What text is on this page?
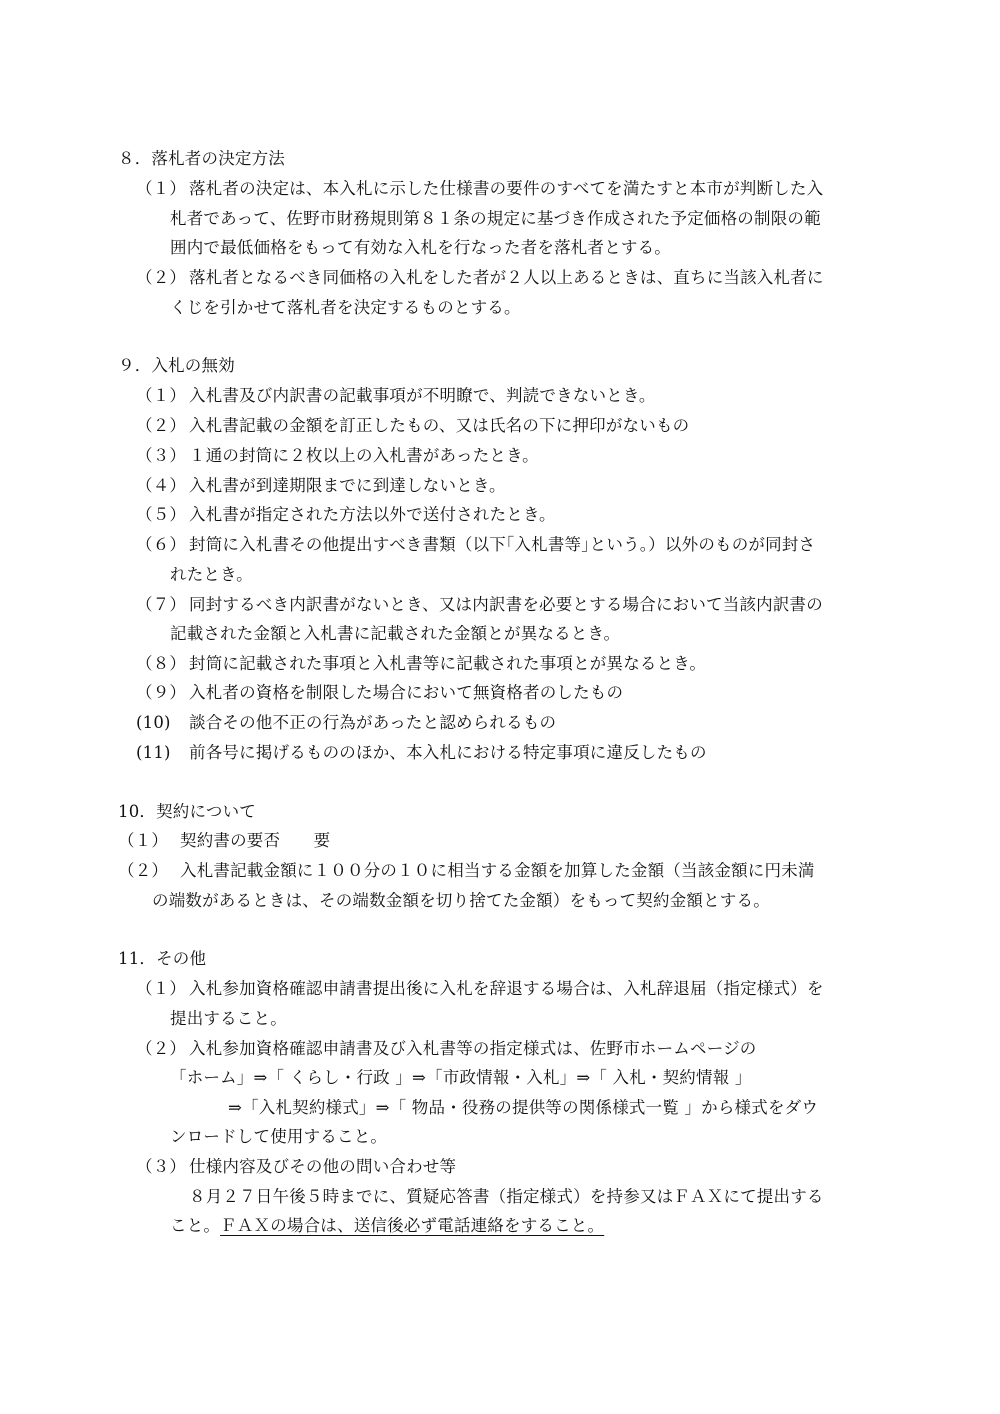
８．落札者の決定方法
（１） 落札者の決定は、本入札に示した仕様書の要件のすべてを満たすと本市が判断した入
札者であって、佐野市財務規則第８１条の規定に基づき作成された予定価格の制限の範
囲内で最低価格をもって有効な入札を行なった者を落札者とする。
（２） 落札者となるべき同価格の入札をした者が２人以上あるときは、直ちに当該入札者に
くじを引かせて落札者を決定するものとする。
９．入札の無効
（１） 入札書及び内訳書の記載事項が不明瞭で、判読できないとき。
（２） 入札書記載の金額を訂正したもの、又は氏名の下に押印がないもの
（３） １通の封筒に２枚以上の入札書があったとき。
（４） 入札書が到達期限までに到達しないとき。
（５） 入札書が指定された方法以外で送付されたとき。
（６） 封筒に入札書その他提出すべき書類（以下｢入札書等｣という。）以外のものが同封さ
れたとき。
（７） 同封するべき内訳書がないとき、又は内訳書を必要とする場合において当該内訳書の
記載された金額と入札書に記載された金額とが異なるとき。
（８） 封筒に記載された事項と入札書等に記載された事項とが異なるとき。
（９） 入札者の資格を制限した場合において無資格者のしたもの
(10) 談合その他不正の行為があったと認められるもの
(11) 前各号に掲げるもののほか、本入札における特定事項に違反したもの
10．契約について
（１） 契約書の要否　　要
（２） 入札書記載金額に１００分の１０に相当する金額を加算した金額（当該金額に円未満
の端数があるときは、その端数金額を切り捨てた金額）をもって契約金額とする。
11．その他
（１） 入札参加資格確認申請書提出後に入札を辞退する場合は、入札辞退届（指定様式）を
提出すること。
（２） 入札参加資格確認申請書及び入札書等の指定様式は、佐野市ホームページの
「ホーム」⇒「 くらし・行政 」⇒「市政情報・入札」⇒「 入札・契約情報 」
⇒「入札契約様式」⇒「 物品・役務の提供等の関係様式一覧 」から様式をダウ
ンロードして使用すること。
（３） 仕様内容及びその他の問い合わせ等
８月２７日午後５時までに、質疑応答書（指定様式）を持参又はＦＡＸにて提出する
こと。ＦＡＸの場合は、送信後必ず電話連絡をすること。
